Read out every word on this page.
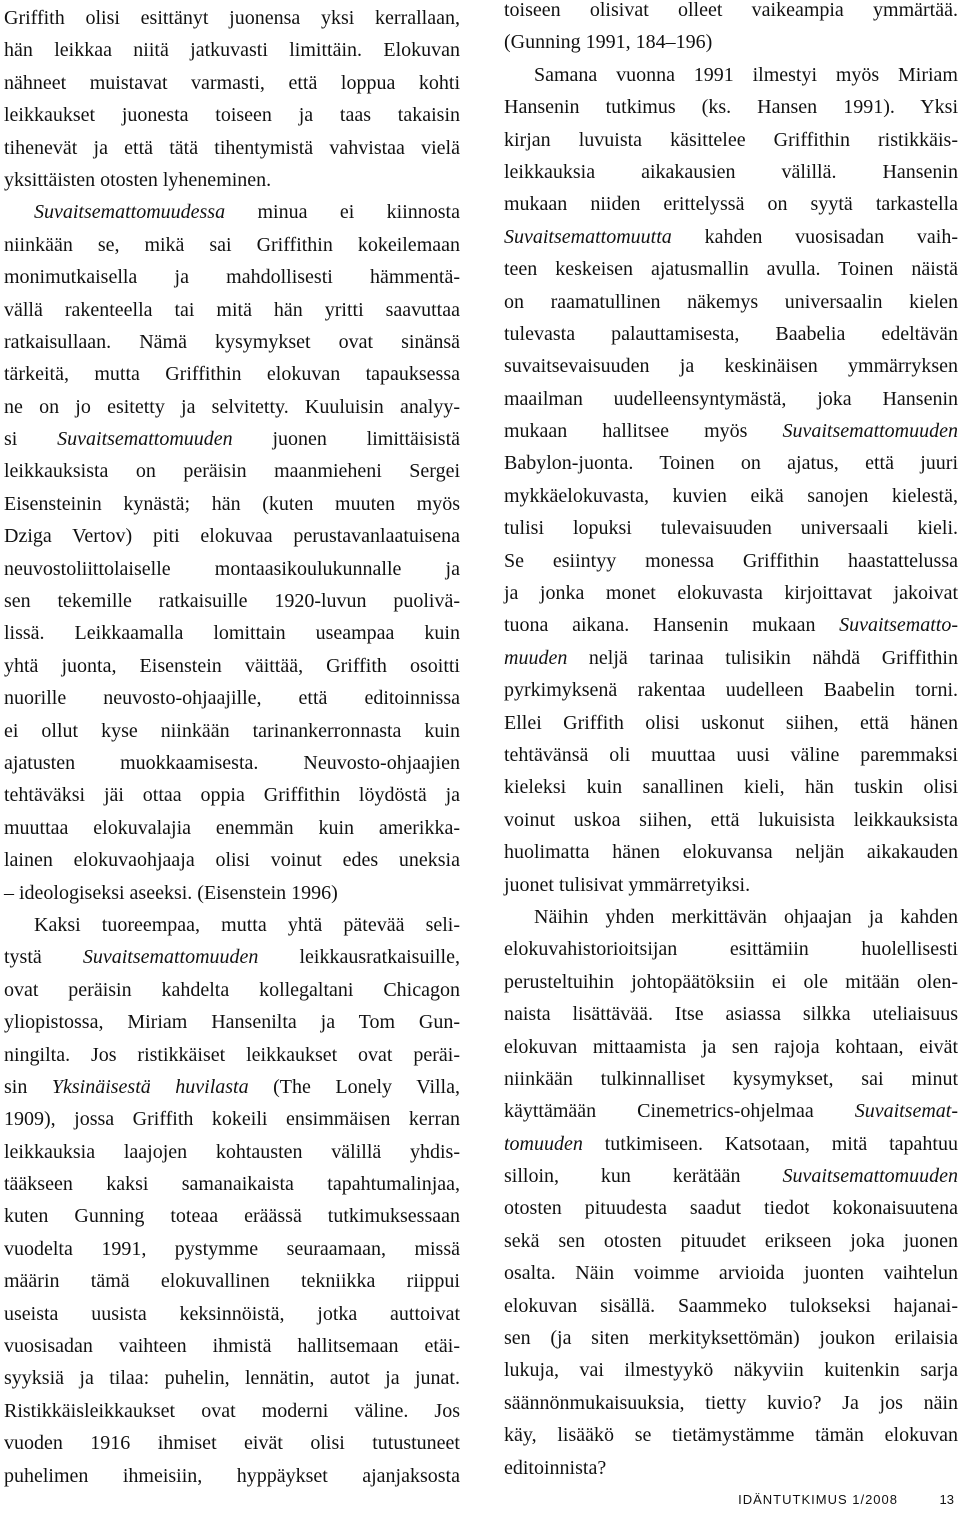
Griffith olisi esittänyt juonensa yksi kerrallaan,
hän leikkaa niitä jatkuvasti limittäin. Elokuvan
nähneet muistavat varmasti, että loppua kohti
leikkaukset juonesta toiseen ja taas takaisin
tihenevät ja että tätä tihentymistä vahvistaa vielä
yksittäisten otosten lyheneminen.
Suvaitsemattomuudessa minua ei kiinnosta
niinkään se, mikä sai Griffithin kokeilemaan
monimutkaisella ja mahdollisesti hämmentä-
vällä rakenteella tai mitä hän yritti saavuttaa
ratkaisullaan. Nämä kysymykset ovat sinänsä
tärkeitä, mutta Griffithin elokuvan tapauksessa
ne on jo esitetty ja selvitetty. Kuuluisin analyy-
si Suvaitsemattomuuden juonen limittäisistä
leikkauksista on peräisin maanmieheni Sergei
Eisensteinin kynästä; hän (kuten muuten myös
Dziga Vertov) piti elokuvaa perustavanlaatuisena
neuvostoliittolaiselle montaasikoulukunnalle ja
sen tekemille ratkaisuille 1920-luvun puolivä-
lissä. Leikkaamalla lomittain useampaa kuin
yhtä juonta, Eisenstein väittää, Griffith osoitti
nuorille neuvosto-ohjaajille, että editoinnissa
ei ollut kyse niinkään tarinankerronnasta kuin
ajatusten muokkaamisesta. Neuvosto-ohjaajien
tehtäväksi jäi ottaa oppia Griffithin löydöstä ja
muuttaa elokuvalajia enemmän kuin amerikka-
lainen elokuvaohjaaja olisi voinut edes uneksia
– ideologiseksi aseeksi. (Eisenstein 1996)
Kaksi tuoreempaa, mutta yhtä pätevää seli-
tystä Suvaitsemattomuuden leikkausratkaisuille,
ovat peräisin kahdelta kollegaltani Chicagon
yliopistossa, Miriam Hansenilta ja Tom Gun-
ningilta. Jos ristikkäiset leikkaukset ovat peräi-
sin Yksinäisestä huvilasta (The Lonely Villa,
1909), jossa Griffith kokeili ensimmäisen kerran
leikkauksia laajojen kohtausten välillä yhdis-
tääkseen kaksi samanaikaista tapahtumalinjaa,
kuten Gunning toteaa eräässä tutkimuksessaan
vuodelta 1991, pystymme seuraamaan, missä
määrin tämä elokuvallinen tekniikka riippui
useista uusista keksinnöistä, jotka auttoivat
vuosisadan vaihteen ihmistä hallitsemaan etäi-
syyksiä ja tilaa: puhelin, lennätin, autot ja junat.
Ristikkäisleikkaukset ovat moderni väline. Jos
vuoden 1916 ihmiset eivät olisi tutustuneet
puhelimen ihmeisiin, hyppäykset ajanjaksosta
toiseen olisivat olleet vaikeampia ymmärtää.
(Gunning 1991, 184–196)
Samana vuonna 1991 ilmestyi myös Miriam
Hansenin tutkimus (ks. Hansen 1991). Yksi
kirjan luvuista käsittelee Griffithin ristikkäis-
leikkauksia aikakausien välillä. Hansenin
mukaan niiden erittelyssä on syytä tarkastella
Suvaitsemattomuutta kahden vuosisadan vaih-
teen keskeisen ajatusmallin avulla. Toinen näistä
on raamatullinen näkemys universaalin kielen
tulevasta palauttamisesta, Baabelia edeltävän
suvaitsevaisuuden ja keskinäisen ymmärryksen
maailman uudelleensyntymästä, joka Hansenin
mukaan hallitsee myös Suvaitsemattomuuden
Babylon-juonta. Toinen on ajatus, että juuri
mykkäelokuvasta, kuvien eikä sanojen kielestä,
tulisi lopuksi tulevaisuuden universaali kieli.
Se esiintyy monessa Griffithin haastattelussa
ja jonka monet elokuvasta kirjoittavat jakoivat
tuona aikana. Hansenin mukaan Suvaitsematto-
muuden neljä tarinaa tulisikin nähdä Griffithin
pyrkimyksenä rakentaa uudelleen Baabelin torni.
Ellei Griffith olisi uskonut siihen, että hänen
tehtävänsä oli muuttaa uusi väline paremmaksi
kieleksi kuin sanallinen kieli, hän tuskin olisi
voinut uskoa siihen, että lukuisista leikkauksista
huolimatta hänen elokuvansa neljän aikakauden
juonet tulisivat ymmärretyiksi.
Näihin yhden merkittävän ohjaajan ja kahden
elokuvahistorioitsijan esittämiin huolellisesti
perusteltuihin johtopäätöksiin ei ole mitään olen-
naista lisättävää. Itse asiassa silkka uteliaisuus
elokuvan mittaamista ja sen rajoja kohtaan, eivät
niinkään tulkinnalliset kysymykset, sai minut
käyttämään Cinemetrics-ohjelmaa Suvaitsemat-
tomuuden tutkimiseen. Katsotaan, mitä tapahtuu
silloin, kun kerätään Suvaitsemattomuuden
otosten pituudesta saadut tiedot kokonaisuutena
sekä sen otosten pituudet erikseen joka juonen
osalta. Näin voimme arvioida juonten vaihtelun
elokuvan sisällä. Saammeko tulokseksi hajanai-
sen (ja siten merkityksettömän) joukon erilaisia
lukuja, vai ilmestyykö näkyviin kuitenkin sarja
säännönmukaisuuksia, tietty kuvio? Ja jos näin
käy, lisääkö se tietämystämme tämän elokuvan
editoinnista?
IDÄNTUTKIMUS 1/2008	13
